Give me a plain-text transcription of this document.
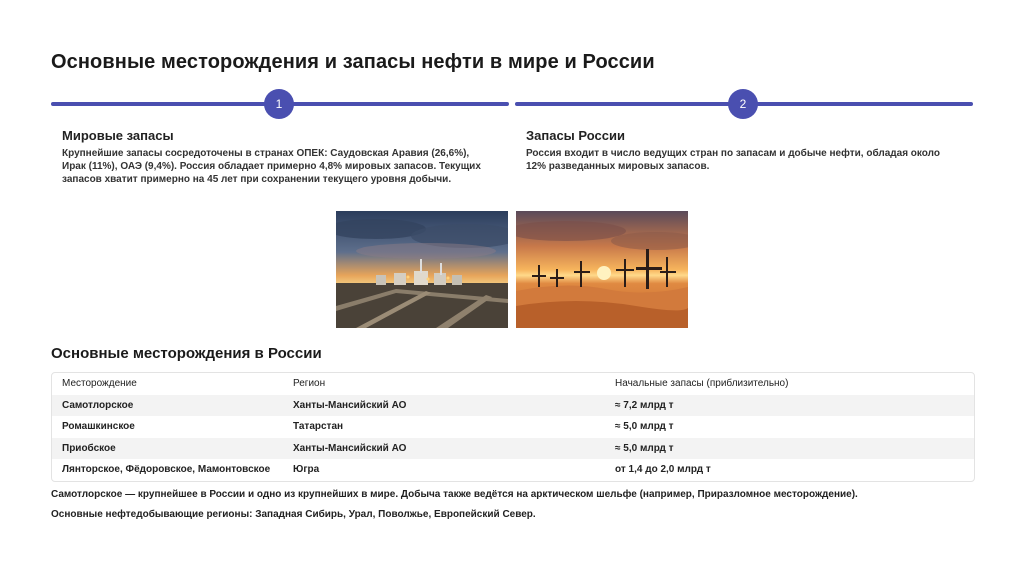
Основные месторождения и запасы нефти в мире и России
1	2
Мировые запасы
Крупнейшие запасы сосредоточены в странах ОПЕК: Саудовская Аравия (26,6%), Ирак (11%), ОАЭ (9,4%). Россия обладает примерно 4,8% мировых запасов. Текущих запасов хватит примерно на 45 лет при сохранении текущего уровня добычи.
Запасы России
Россия входит в число ведущих стран по запасам и добыче нефти, обладая около 12% разведанных мировых запасов.
Основные месторождения в России
Месторождение	Регион	Начальные запасы (приблизительно)
Самотлорское	Ханты-Мансийский АО	≈ 7,2 млрд т
Ромашкинское	Татарстан	≈ 5,0 млрд т
Приобское	Ханты-Мансийский АО	≈ 5,0 млрд т
Лянторское, Фёдоровское, Мамонтовское	Югра	от 1,4 до 2,0 млрд т
Самотлорское — крупнейшее в России и одно из крупнейших в мире. Добыча также ведётся на арктическом шельфе (например, Приразломное месторождение).
Основные нефтедобывающие регионы: Западная Сибирь, Урал, Поволжье, Европейский Север.
